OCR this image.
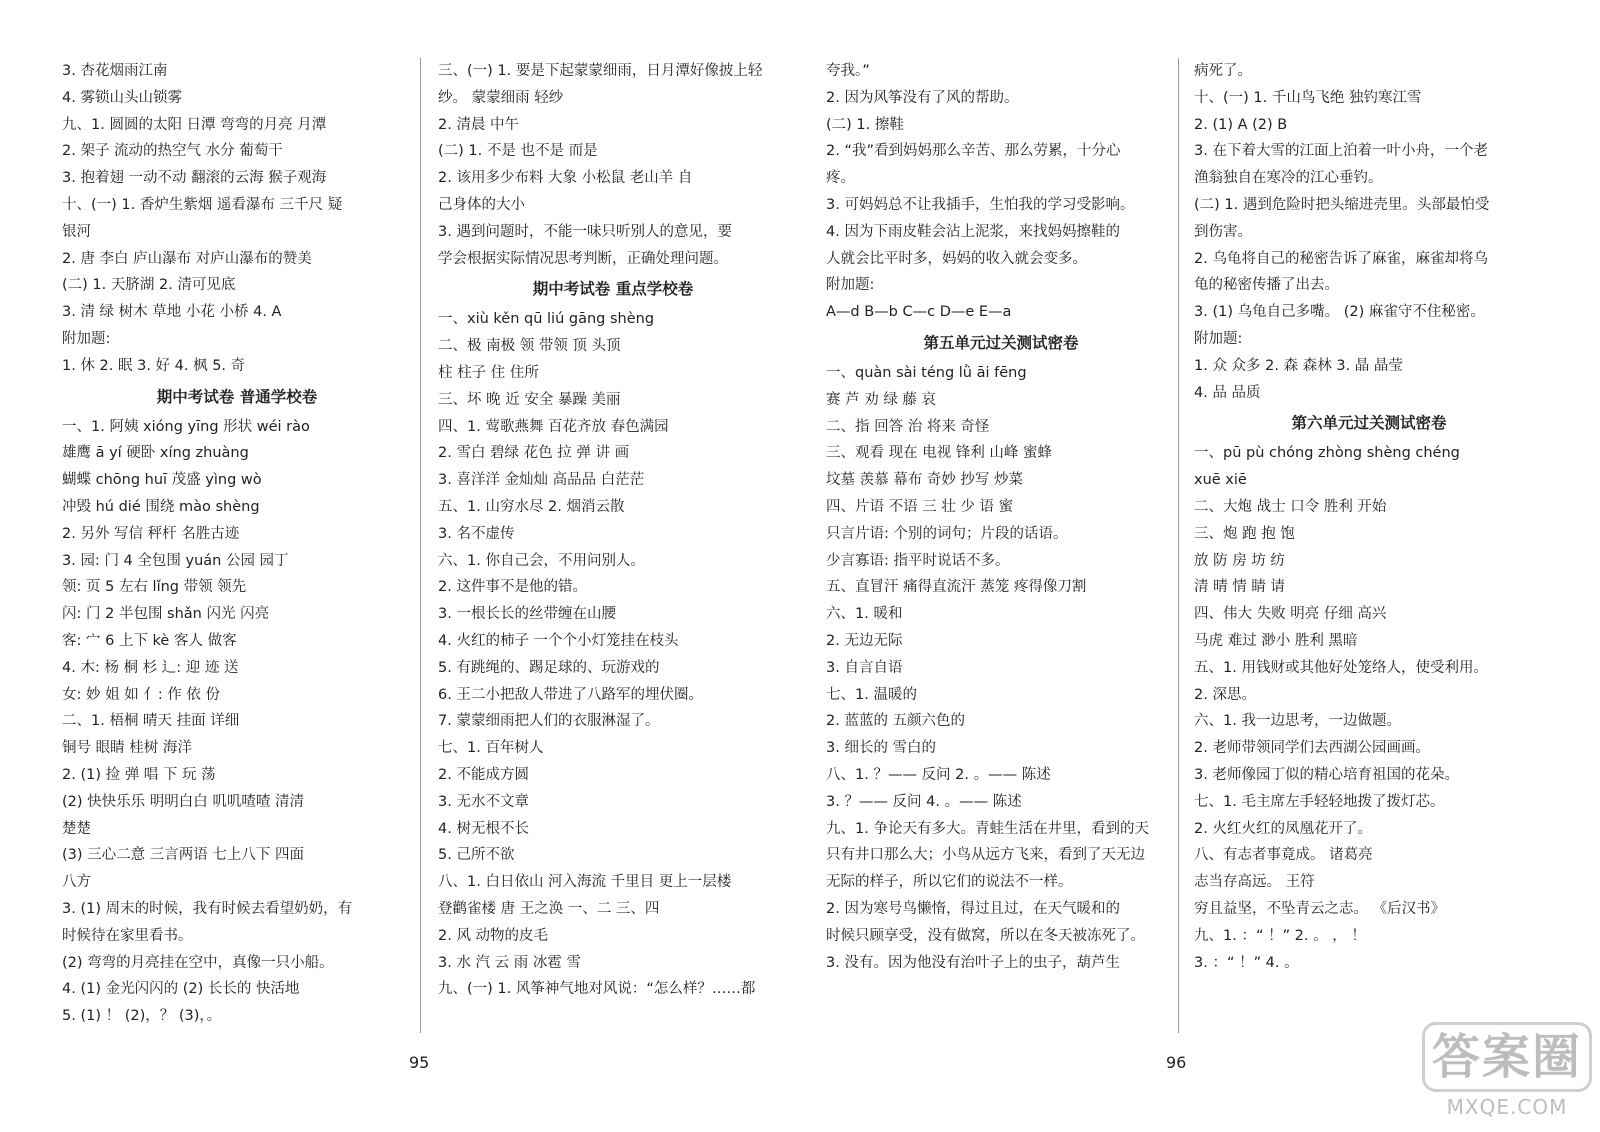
3. 杏花烟雨江南
4. 雾锁山头山锁雾
九、1. 圆圆的太阳 日潭 弯弯的月亮 月潭
2. 架子 流动的热空气 水分 葡萄干
3. 抱着翅 一动不动 翻滚的云海 猴子观海
十、(一) 1. 香炉生紫烟 遥看瀑布 三千尺 疑
银河
2. 唐 李白 庐山瀑布 对庐山瀑布的赞美
(二) 1. 天脐湖 2. 清可见底
3. 清 绿 树木 草地 小花 小桥 4. A
附加题:
1. 休 2. 眠 3. 好 4. 枫 5. 奇
期中考试卷 普通学校卷
一、1. 阿姨 xióng yīng 形状 wéi rào
雄鹰 ā yí 硬卧 xíng zhuàng
蝴蝶 chōng huī 茂盛 yìng wò
冲毁 hú dié 围绕 mào shèng
2. 另外 写信 秤杆 名胜古迹
3. 园: 门 4 全包围 yuán 公园 园丁
领: 页 5 左右 lǐng 带领 领先
闪: 门 2 半包围 shǎn 闪光 闪亮
客: 宀 6 上下 kè 客人 做客
4. 木: 杨 桐 杉 辶: 迎 迹 送
女: 妙 姐 如 亻: 作 依 份
二、1. 梧桐 晴天 挂面 详细
铜号 眼睛 桂树 海洋
2. (1) 捡 弹 唱 下 玩 荡
(2) 快快乐乐 明明白白 叽叽喳喳 清清
楚楚
(3) 三心二意 三言两语 七上八下 四面
八方
3. (1) 周末的时候，我有时候去看望奶奶，有
时候待在家里看书。
(2) 弯弯的月亮挂在空中，真像一只小船。
4. (1) 金光闪闪的 (2) 长长的 快活地
5. (1) ！ (2)，？ (3)，。
三、(一) 1. 要是下起蒙蒙细雨，日月潭好像披上轻
纱。 蒙蒙细雨 轻纱
2. 清晨 中午
(二) 1. 不是 也不是 而是
2. 该用多少布料 大象 小松鼠 老山羊 自
己身体的大小
3. 遇到问题时，不能一味只听别人的意见，要
学会根据实际情况思考判断，正确处理问题。
期中考试卷 重点学校卷
一、xiù kěn qū liú gāng shèng
二、极 南极 领 带领 顶 头顶
柱 柱子 住 住所
三、坏 晚 近 安全 暴躁 美丽
四、1. 莺歌燕舞 百花齐放 春色满园
2. 雪白 碧绿 花色 拉 弹 讲 画
3. 喜洋洋 金灿灿 高品品 白茫茫
五、1. 山穷水尽 2. 烟消云散
3. 名不虚传
六、1. 你自己会，不用问别人。
2. 这件事不是他的错。
3. 一根长长的丝带缠在山腰
4. 火红的柿子 一个个小灯笼挂在枝头
5. 有跳绳的、踢足球的、玩游戏的
6. 王二小把敌人带进了八路军的埋伏圈。
7. 蒙蒙细雨把人们的衣服淋湿了。
七、1. 百年树人
2. 不能成方圆
3. 无水不文章
4. 树无根不长
5. 己所不欲
八、1. 白日依山 河入海流 千里目 更上一层楼
登鹳雀楼 唐 王之涣 一、二 三、四
2. 风 动物的皮毛
3. 水 汽 云 雨 冰雹 雪
九、(一) 1. 风筝神气地对风说：“怎么样？……都
夸我。”
2. 因为风筝没有了风的帮助。
(二) 1. 擦鞋
2. “我”看到妈妈那么辛苦、那么劳累，十分心
疼。
3. 可妈妈总不让我插手，生怕我的学习受影响。
4. 因为下雨皮鞋会沾上泥浆，来找妈妈擦鞋的
人就会比平时多，妈妈的收入就会变多。
附加题:
A—d B—b C—c D—e E—a
第五单元过关测试密卷
一、quàn sài téng lǜ āi fēng
赛 芦 劝 绿 藤 哀
二、指 回答 治 将来 奇怪
三、观看 现在 电视 锋利 山峰 蜜蜂
坟墓 羡慕 幕布 奇妙 抄写 炒菜
四、片语 不语 三 壮 少 语 蜜
只言片语: 个别的词句；片段的话语。
少言寡语: 指平时说话不多。
五、直冒汗 痛得直流汗 蒸笼 疼得像刀割
六、1. 暖和
2. 无边无际
3. 自言自语
七、1. 温暖的
2. 蓝蓝的 五颜六色的
3. 细长的 雪白的
八、1. ？—— 反问 2. 。—— 陈述
3. ？—— 反问 4. 。—— 陈述
九、1. 争论天有多大。青蛙生活在井里，看到的天
只有井口那么大；小鸟从远方飞来，看到了天无边
无际的样子，所以它们的说法不一样。
2. 因为寒号鸟懒惰，得过且过，在天气暖和的
时候只顾享受，没有做窝，所以在冬天被冻死了。
3. 没有。因为他没有治叶子上的虫子，葫芦生
病死了。
十、(一) 1. 千山鸟飞绝 独钓寒江雪
2. (1) A (2) B
3. 在下着大雪的江面上泊着一叶小舟，一个老
渔翁独自在寒冷的江心垂钓。
(二) 1. 遇到危险时把头缩进壳里。头部最怕受
到伤害。
2. 乌龟将自己的秘密告诉了麻雀，麻雀却将乌
龟的秘密传播了出去。
3. (1) 乌龟自己多嘴。 (2) 麻雀守不住秘密。
附加题:
1. 众 众多 2. 森 森林 3. 晶 晶莹
4. 品 品质
第六单元过关测试密卷
一、pū pù chóng zhòng shèng chéng
xuē xiē
二、大炮 战士 口令 胜利 开始
三、炮 跑 抱 饱
放 防 房 坊 纺
清 晴 情 睛 请
四、伟大 失败 明亮 仔细 高兴
马虎 难过 渺小 胜利 黑暗
五、1. 用钱财或其他好处笼络人，使受利用。
2. 深思。
六、1. 我一边思考，一边做题。
2. 老师带领同学们去西湖公园画画。
3. 老师像园丁似的精心培育祖国的花朵。
七、1. 毛主席左手轻轻地拨了拨灯芯。
2. 火红火红的凤凰花开了。
八、有志者事竟成。 诸葛亮
志当存高远。 王符
穷且益坚，不坠青云之志。 《后汉书》
九、1. ：“ ！” 2. 。 ， ！
3. ：“ ！” 4. 。
95	96	答案圈
MXQE.COM
